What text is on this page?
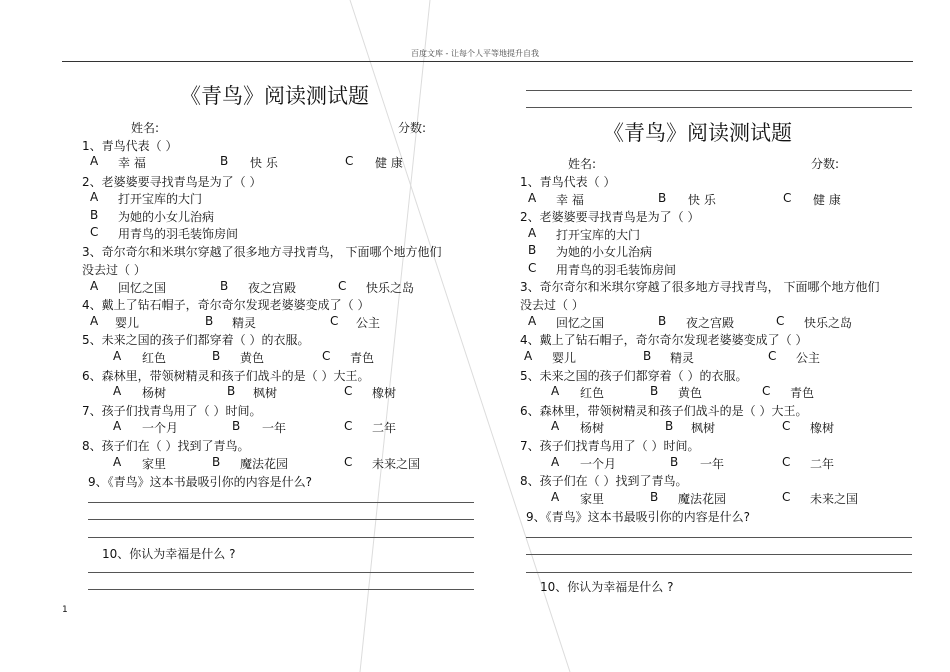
百度文库 - 让每个人平等地提升自我
《青鸟》阅读测试题
姓名:	分数:
1、青鸟代表（ ）
A 幸 福	B 快 乐	C 健 康
2、老婆婆要寻找青鸟是为了（ ）
A 打开宝库的大门
B 为她的小女儿治病
C 用青鸟的羽毛装饰房间
3、奇尔奇尔和米琪尔穿越了很多地方寻找青鸟， 下面哪个地方他们
没去过（ ）
A 回忆之国	B 夜之宫殿	C 快乐之岛
4、戴上了钻石帽子，奇尔奇尔发现老婆婆变成了（ ）
A 婴儿	B 精灵	C 公主
5、未来之国的孩子们都穿着（ ）的衣服。
A 红色	B 黄色	C 青色
6、森林里，带领树精灵和孩子们战斗的是（ ）大王。
A 杨树	B 枫树	C 橡树
7、孩子们找青鸟用了（ ）时间。
A 一个月	B 一年	C 二年
8、孩子们在（ ）找到了青鸟。
A 家里	B 魔法花园	C 未来之国
9、《青鸟》这本书最吸引你的内容是什么?
10、你认为幸福是什么 ?
《青鸟》阅读测试题
姓名:	分数:
1、青鸟代表（ ）
A 幸 福	B 快 乐	C 健 康
2、老婆婆要寻找青鸟是为了（ ）
A 打开宝库的大门
B 为她的小女儿治病
C 用青鸟的羽毛装饰房间
3、奇尔奇尔和米琪尔穿越了很多地方寻找青鸟， 下面哪个地方他们
没去过（ ）
A 回忆之国	B 夜之宫殿	C 快乐之岛
4、戴上了钻石帽子，奇尔奇尔发现老婆婆变成了（ ）
A 婴儿	B 精灵	C 公主
5、未来之国的孩子们都穿着（ ）的衣服。
A 红色	B 黄色	C 青色
6、森林里，带领树精灵和孩子们战斗的是（ ）大王。
A 杨树	B 枫树	C 橡树
7、孩子们找青鸟用了（ ）时间。
A 一个月	B 一年	C 二年
8、孩子们在（ ）找到了青鸟。
A 家里	B 魔法花园	C 未来之国
9、《青鸟》这本书最吸引你的内容是什么?
10、你认为幸福是什么 ?
1
